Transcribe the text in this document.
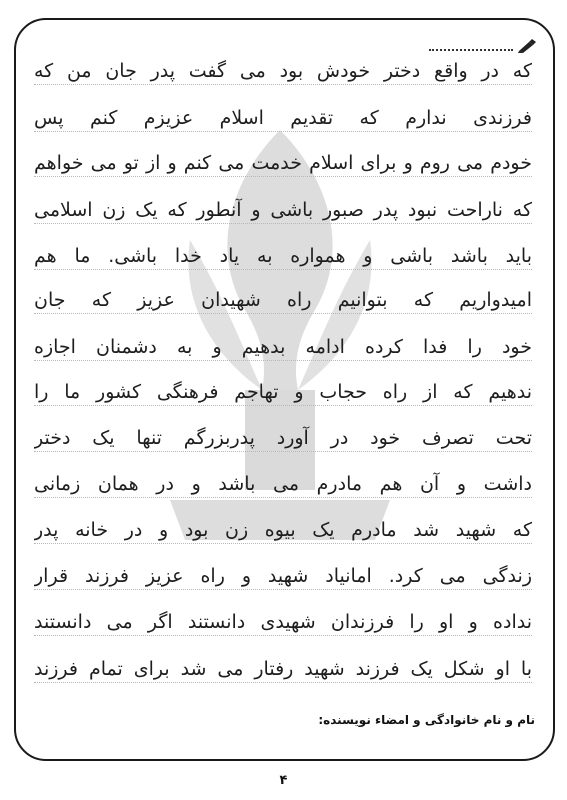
که در واقع دختر خودش بود می گفت پدر جان من که
فرزندی ندارم که تقدیم اسلام عزیزم کنم پس
خودم می روم و برای اسلام خدمت می کنم و از تو می خواهم
که ناراحت نبود پدر صبور باشی و آنطور که یک زن اسلامی
باید باشد باشی و همواره به یاد خدا باشی. ما هم
امیدواریم که بتوانیم راه شهیدان عزیز که جان
خود را فدا کرده ادامه بدهیم و به دشمنان اجازه
ندهیم که از راه حجاب و تهاجم فرهنگی کشور ما را
تحت تصرف خود در آورد پدربزرگم تنها یک دختر
داشت و آن هم مادرم می باشد و در همان زمانی
که شهید شد مادرم یک بیوه زن بود و در خانه پدر
زندگی می کرد. امانیاد شهید و راه عزیز فرزند قرار
نداده و او را فرزندان شهیدی دانستند اگر می دانستند
با او شکل یک فرزند شهید رفتار می شد برای تمام فرزند
نام و نام خانوادگی و امضاء نویسنده:
۴
